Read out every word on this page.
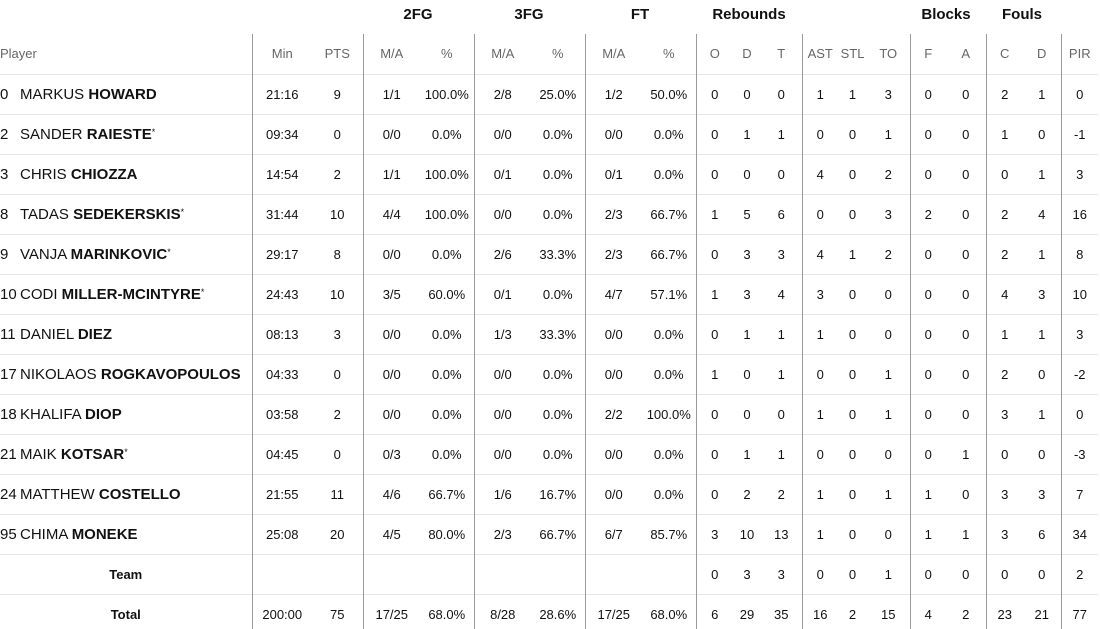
2FG	3FG	FT	Rebounds	Blocks Fouls
Player	Min	PTS	M/A	%	M/A	%	M/A	%	O	D	T	AST	STL	TO	F	A	C	D	PIR
0 MARKUS HOWARD	21:16	9	1/1	100.0%	2/8	25.0%	1/2	50.0%	0	0	0	1	1	3	0	0	2	1	0
2 SANDER RAIESTE*	09:34	0	0/0	0.0%	0/0	0.0%	0/0	0.0%	0	1	1	0	0	1	0	0	1	0	-1
3 CHRIS CHIOZZA	14:54	2	1/1	100.0%	0/1	0.0%	0/1	0.0%	0	0	0	4	0	2	0	0	0	1	3
8 TADAS SEDEKERSKIS*	31:44	10	4/4	100.0%	0/0	0.0%	2/3	66.7%	1	5	6	0	0	3	2	0	2	4	16
9 VANJA MARINKOVIC*	29:17	8	0/0	0.0%	2/6	33.3%	2/3	66.7%	0	3	3	4	1	2	0	0	2	1	8
10 CODI MILLER-MCINTYRE*	24:43	10	3/5	60.0%	0/1	0.0%	4/7	57.1%	1	3	4	3	0	0	0	0	4	3	10
11 DANIEL DIEZ	08:13	3	0/0	0.0%	1/3	33.3%	0/0	0.0%	0	1	1	1	0	0	0	0	1	1	3
17 NIKOLAOS ROGKAVOPOULOS	04:33	0	0/0	0.0%	0/0	0.0%	0/0	0.0%	1	0	1	0	0	1	0	0	2	0	-2
18 KHALIFA DIOP	03:58	2	0/0	0.0%	0/0	0.0%	2/2	100.0%	0	0	0	1	0	1	0	0	3	1	0
21 MAIK KOTSAR*	04:45	0	0/3	0.0%	0/0	0.0%	0/0	0.0%	0	1	1	0	0	0	0	1	0	0	-3
24 MATTHEW COSTELLO	21:55	11	4/6	66.7%	1/6	16.7%	0/0	0.0%	0	2	2	1	0	1	1	0	3	3	7
95 CHIMA MONEKE	25:08	20	4/5	80.0%	2/3	66.7%	6/7	85.7%	3	10	13	1	0	0	1	1	3	6	34
Team									0	3	3	0	0	1	0	0	0	0	2
Total	200:00	75	17/25	68.0%	8/28	28.6%	17/25	68.0%	6	29	35	16	2	15	4	2	23	21	77
